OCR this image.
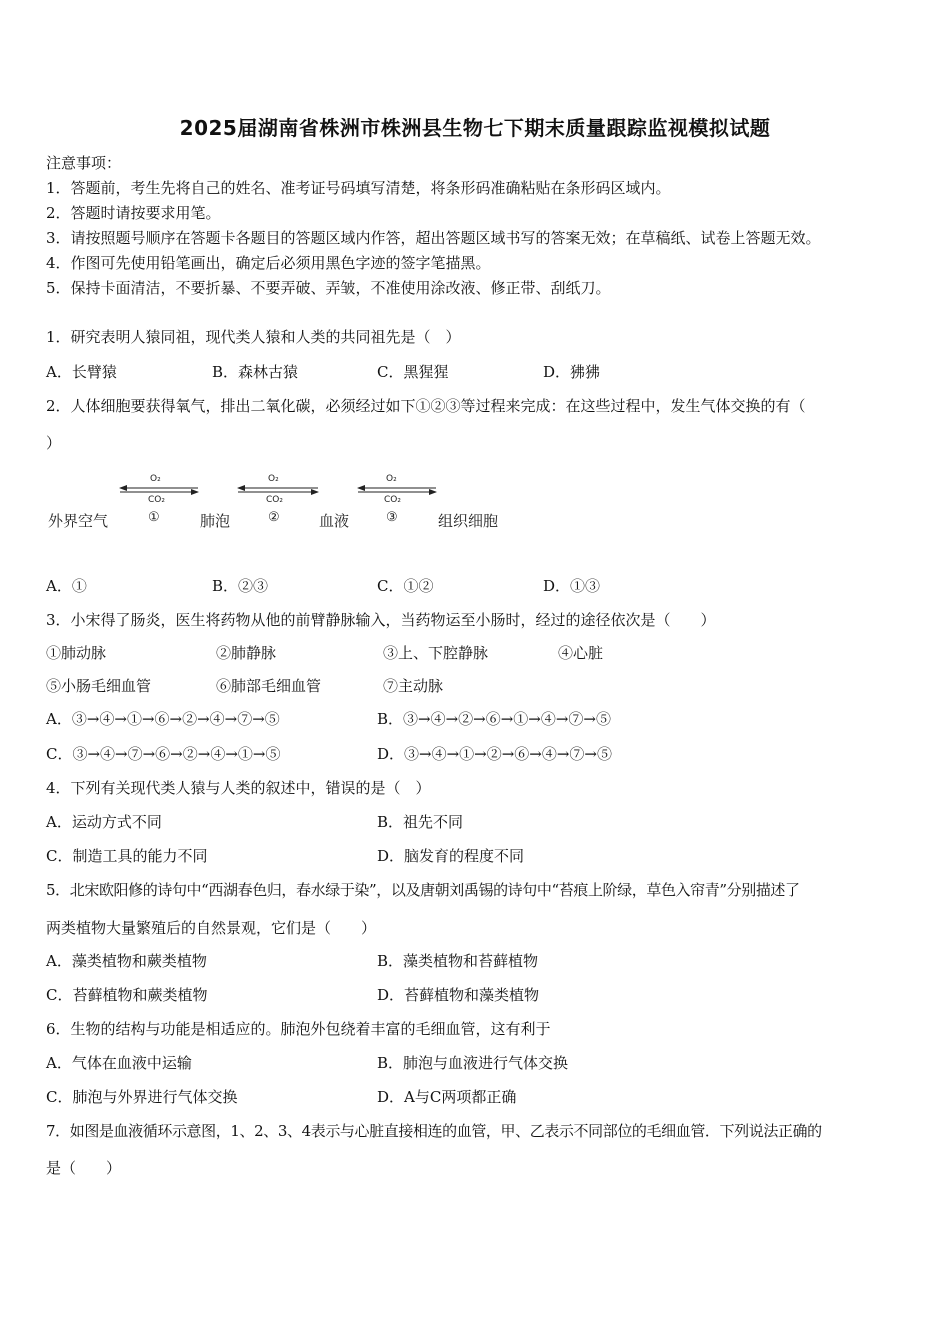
2025届湖南省株洲市株洲县生物七下期末质量跟踪监视模拟试题
注意事项：
1．答题前，考生先将自己的姓名、准考证号码填写清楚，将条形码准确粘贴在条形码区域内。
2．答题时请按要求用笔。
3．请按照题号顺序在答题卡各题目的答题区域内作答，超出答题区域书写的答案无效；在草稿纸、试卷上答题无效。
4．作图可先使用铅笔画出，确定后必须用黑色字迹的签字笔描黑。
5．保持卡面清洁，不要折暴、不要弄破、弄皱，不准使用涂改液、修正带、刮纸刀。
1．研究表明人猿同祖，现代类人猿和人类的共同祖先是（　）
A．长臂猿	B．森林古猿	C．黑猩猩	D．狒狒
2．人体细胞要获得氧气，排出二氧化碳，必须经过如下①②③等过程来完成：在这些过程中，发生气体交换的有（
）
O₂
CO₂
O₂
CO₂
O₂
CO₂
外界空气	①	肺泡	②	血液	③	组织细胞
A．①	B．②③	C．①②	D．①③
3．小宋得了肠炎，医生将药物从他的前臂静脉输入，当药物运至小肠时，经过的途径依次是（　　）
①肺动脉	②肺静脉	③上、下腔静脉	④心脏
⑤小肠毛细血管	⑥肺部毛细血管	⑦主动脉
A．③→④→①→⑥→②→④→⑦→⑤	B．③→④→②→⑥→①→④→⑦→⑤
C．③→④→⑦→⑥→②→④→①→⑤	D．③→④→①→②→⑥→④→⑦→⑤
4．下列有关现代类人猿与人类的叙述中，错误的是（　）
A．运动方式不同	B．祖先不同
C．制造工具的能力不同	D．脑发育的程度不同
5．北宋欧阳修的诗句中“西湖春色归，春水绿于染”，以及唐朝刘禹锡的诗句中“苔痕上阶绿，草色入帘青”分别描述了
两类植物大量繁殖后的自然景观，它们是（　　）
A．藻类植物和蕨类植物	B．藻类植物和苔藓植物
C．苔藓植物和蕨类植物	D．苔藓植物和藻类植物
6．生物的结构与功能是相适应的。肺泡外包绕着丰富的毛细血管，这有利于
A．气体在血液中运输	B．肺泡与血液进行气体交换
C．肺泡与外界进行气体交换	D．A与C两项都正确
7．如图是血液循环示意图，1、2、3、4表示与心脏直接相连的血管，甲、乙表示不同部位的毛细血管．下列说法正确的
是（　　）
